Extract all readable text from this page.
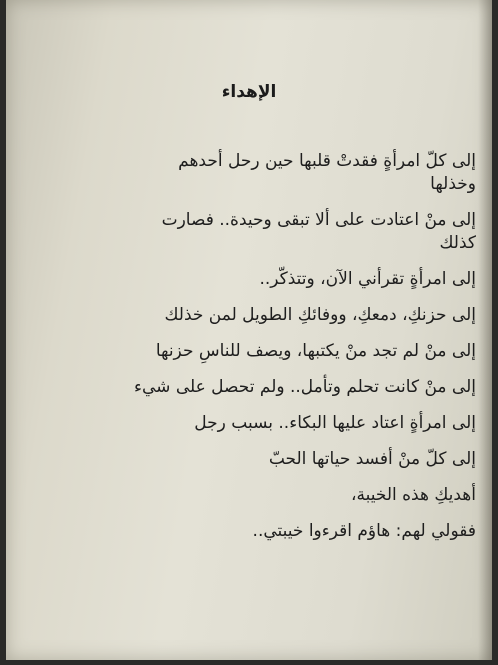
الإهداء
إلى كلّ امرأةٍ فقدتْ قلبها حين رحل أحدهم
وخذلها
إلى منْ اعتادت على ألا تبقى وحيدة.. فصارت
كذلك
إلى امرأةٍ تقرأني الآن، وتتذكّر..
إلى حزنكِ، دمعكِ، ووفائكِ الطويل لمن خذلك
إلى منْ لم تجد منْ يكتبها، ويصف للناسِ حزنها
إلى منْ كانت تحلم وتأمل.. ولم تحصل على شيء
إلى امرأةٍ اعتاد عليها البكاء.. بسبب رجل
إلى كلّ منْ أفسد حياتها الحبّ
أهديكِ هذه الخيبة،
فقولي لهم: هاؤم اقرءوا خيبتي..
